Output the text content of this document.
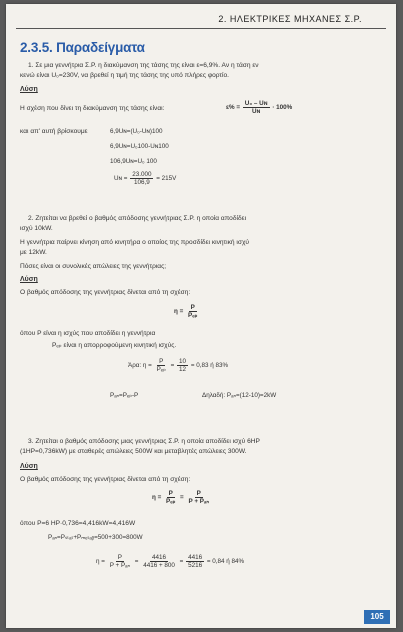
2. ΗΛΕΚΤΡΙΚΕΣ ΜΗΧΑΝΕΣ Σ.Ρ.
2.3.5. Παραδείγματα
1. Σε μια γεννήτρια Σ.Ρ. η διακύμανση της τάσης της είναι ε=6,9%. Αν η τάση εν
κενώ είναι U₀=230V, να βρεθεί η τιμή της τάσης της υπό πλήρες φορτίο.
Λύση
Η σχέση που δίνει τη διακύμανση της τάσης είναι:	$\varepsilon\% = \frac{\text{U₀ – Uɴ}}{\text{Uɴ}} \cdot 100\%$
και απ' αυτή βρίσκουμε	6,9Uɴ=(U₀-Uɴ)100
6,9Uɴ=U₀100-Uɴ100
106,9Uɴ=U₀ 100
Uɴ = $\frac{23.000}{106,9} = 215V$
2. Ζητείται να βρεθεί ο βαθμός απόδοσης γεννήτριας Σ.Ρ. η οποία αποδίδει
ισχύ 10kW.
Η γεννήτρια παίρνει κίνηση από κινητήρα ο οποίος της προσδίδει κινητική ισχύ
με 12kW.
Πόσες είναι οι συνολικές απώλειες της γεννήτριας;
Λύση
Ο βαθμός απόδοσης της γεννήτριας δίνεται από τη σχέση:
$\eta = \frac{P}{\text{Pₑₚ}}$
όπου P είναι η ισχύς που αποδίδει η γεννήτρια
Pₑₚ είναι η απορροφούμενη κινητική ισχύς.
Άρα: $\eta = \frac{P}{\text{Pₑₚ}} = \frac{10}{12} = 0,83$ ή 83%
Pₐₙ=Pₑₚ-P	Δηλαδή: Pₐₙ=(12-10)=2kW
3. Ζητείται ο βαθμός απόδοσης μιας γεννήτριας Σ.Ρ. η οποία αποδίδει ισχύ 6HP
(1HP=0,736kW) με σταθερές απώλειες 500W και μεταβλητές απώλειες 300W.
Λύση
Ο βαθμός απόδοσης της γεννήτριας δίνεται από τη σχέση:
$\eta = \frac{P}{\text{Pₑₚ}} = \frac{P}{\text{P + Pₐₙ}}$
όπου P=6 HP·0,736=4,416kW=4,416W
Pₐₙ=Pₛₜₐₜ+Pₘₑₜₐᵦ=500+300=800W
$\eta = \frac{P}{\text{P + Pₐₙ}} = \frac{4416}{4416 + 800} = \frac{4416}{5216} = 0,84$ ή 84%
105
